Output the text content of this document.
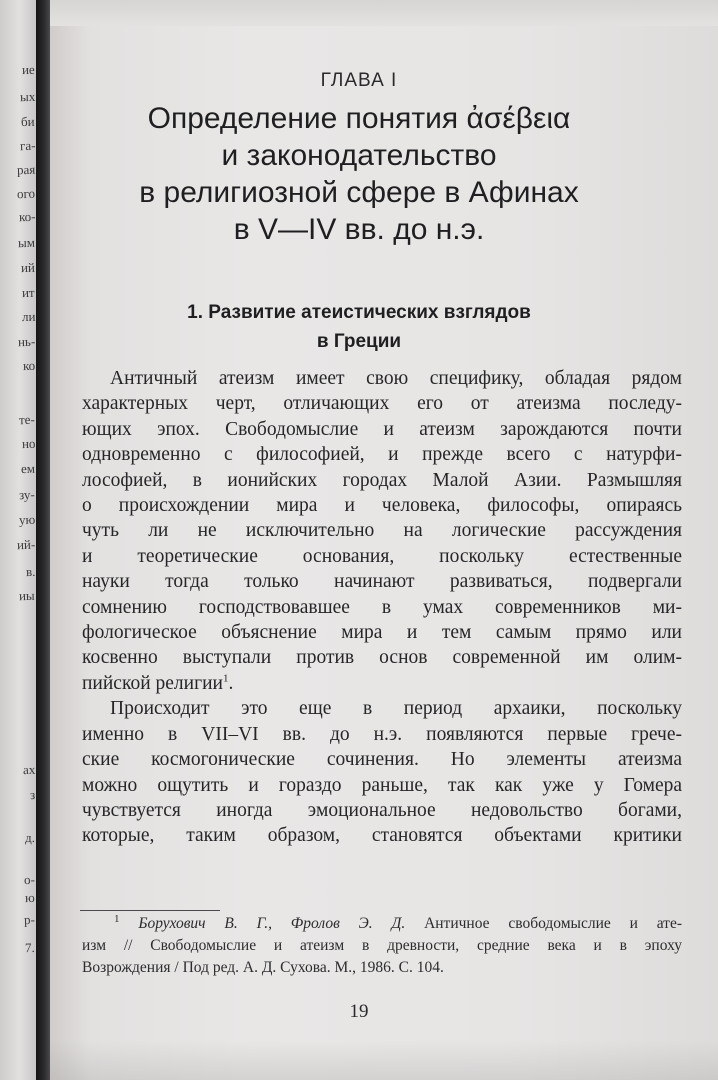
ие
ых
би
га-
рая
ого
ко-
ым
ий
ит
ли
нь-
ко
те-
но
ем
зу-
ую
ий-
в.
иы
ах
з
д.
о-
ю
р-
7.
ГЛАВА I
Определение понятия ἀσέβεια
и законодательство
в религиозной сфере в Афинах
в V—IV вв. до н.э.
1. Развитие атеистических взглядов
в Греции
Античный атеизм имеет свою специфику, обладая рядом
характерных черт, отличающих его от атеизма последу-
ющих эпох. Свободомыслие и атеизм зарождаются почти
одновременно с философией, и прежде всего с натурфи-
лософией, в ионийских городах Малой Азии. Размышляя
о происхождении мира и человека, философы, опираясь
чуть ли не исключительно на логические рассуждения
и теоретические основания, поскольку естественные
науки тогда только начинают развиваться, подвергали
сомнению господствовавшее в умах современников ми-
фологическое объяснение мира и тем самым прямо или
косвенно выступали против основ современной им олим-
пийской религии$^1$.
Происходит это еще в период архаики, поскольку
именно в VII–VI вв. до н.э. появляются первые грече-
ские космогонические сочинения. Но элементы атеизма
можно ощутить и гораздо раньше, так как уже у Гомера
чувствуется иногда эмоциональное недовольство богами,
которые, таким образом, становятся объектами критики
$^1$ Борухович В. Г., Фролов Э. Д. Античное свободомыслие и ате-
изм // Свободомыслие и атеизм в древности, средние века и в эпоху
Возрождения / Под ред. А. Д. Сухова. М., 1986. С. 104.
19
